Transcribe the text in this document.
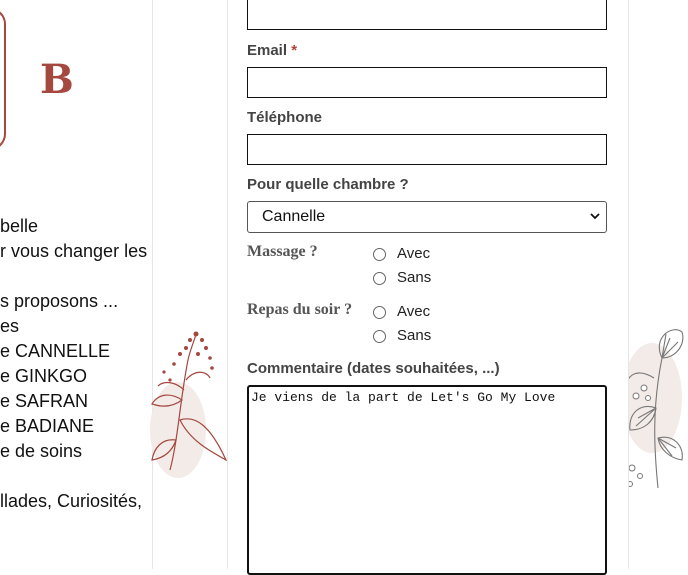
B
belle
r vous changer les
s proposons ...
es
e CANNELLE
e GINKGO
e SAFRAN
e BADIANE
e de soins
llades, Curiosités,
Email *
Téléphone
Pour quelle chambre ?
Cannelle
Massage ?	Avec
Sans
Repas du soir ?	Avec
Sans
Commentaire (dates souhaitées, ...)
Je viens de la part de Let's Go My Love
